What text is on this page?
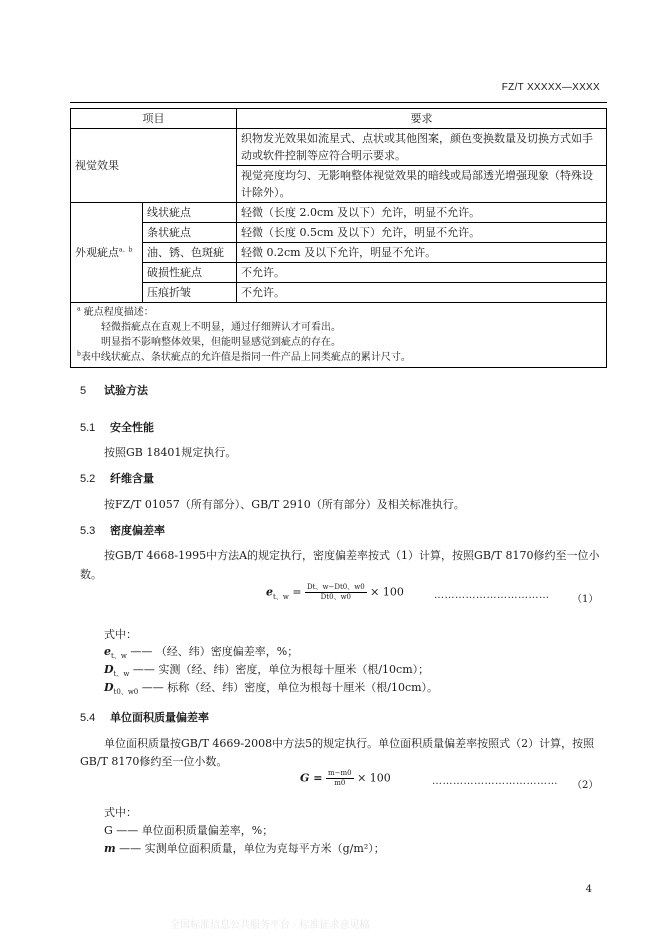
FZ/T XXXXX—XXXX
项目		要求
视觉效果		织物发光效果如流星式、点状或其他图案，颜色变换数量及切换方式如手动或软件控制等应符合明示要求。
		视觉亮度均匀、无影响整体视觉效果的暗线或局部透光增强现象（特殊设计除外）。
外观疵点$^{a、b}$	线状疵点	轻微（长度 2.0cm 及以下）允许，明显不允许。
	条状疵点	轻微（长度 0.5cm 及以下）允许，明显不允许。
	油、锈、色斑疵	轻微 0.2cm 及以下允许，明显不允许。
	破损性疵点	不允许。
	压痕折皱	不允许。

$^a$ 疵点程度描述：
轻微指疵点在直观上不明显，通过仔细辨认才可看出。
明显指不影响整体效果，但能明显感觉到疵点的存在。
$^b$表中线状疵点、条状疵点的允许值是指同一件产品上同类疵点的累计尺寸。		
5 试验方法
5.1 安全性能
按照GB 18401规定执行。
5.2 纤维含量
按FZ/T 01057（所有部分）、GB/T 2910（所有部分）及相关标准执行。
5.3 密度偏差率
按GB/T 4668-1995中方法A的规定执行，密度偏差率按式（1）计算，按照GB/T 8170修约至一位小
数。
$e_{t、w} = \frac{Dt、w-Dt0、w0}{Dt0、w0} \times 100$	…………………………… （1）
式中：
$e_{t、w}$ —— （经、纬）密度偏差率，%；
$D_{t、w}$ —— 实测（经、纬）密度，单位为根每十厘米（根/10cm）；
$D_{t0、w0}$ —— 标称（经、纬）密度，单位为根每十厘米（根/10cm）。
5.4 单位面积质量偏差率
单位面积质量按GB/T 4669-2008中方法5的规定执行。单位面积质量偏差率按照式（2）计算，按照
GB/T 8170修约至一位小数。
$G = \frac{m-m0}{m0} \times 100$	……………………………… （2）
式中：
G —— 单位面积质量偏差率，%；
m —— 实测单位面积质量，单位为克每平方米（g/m²）；
4
全国标准信息公共服务平台 · 标准征求意见稿
